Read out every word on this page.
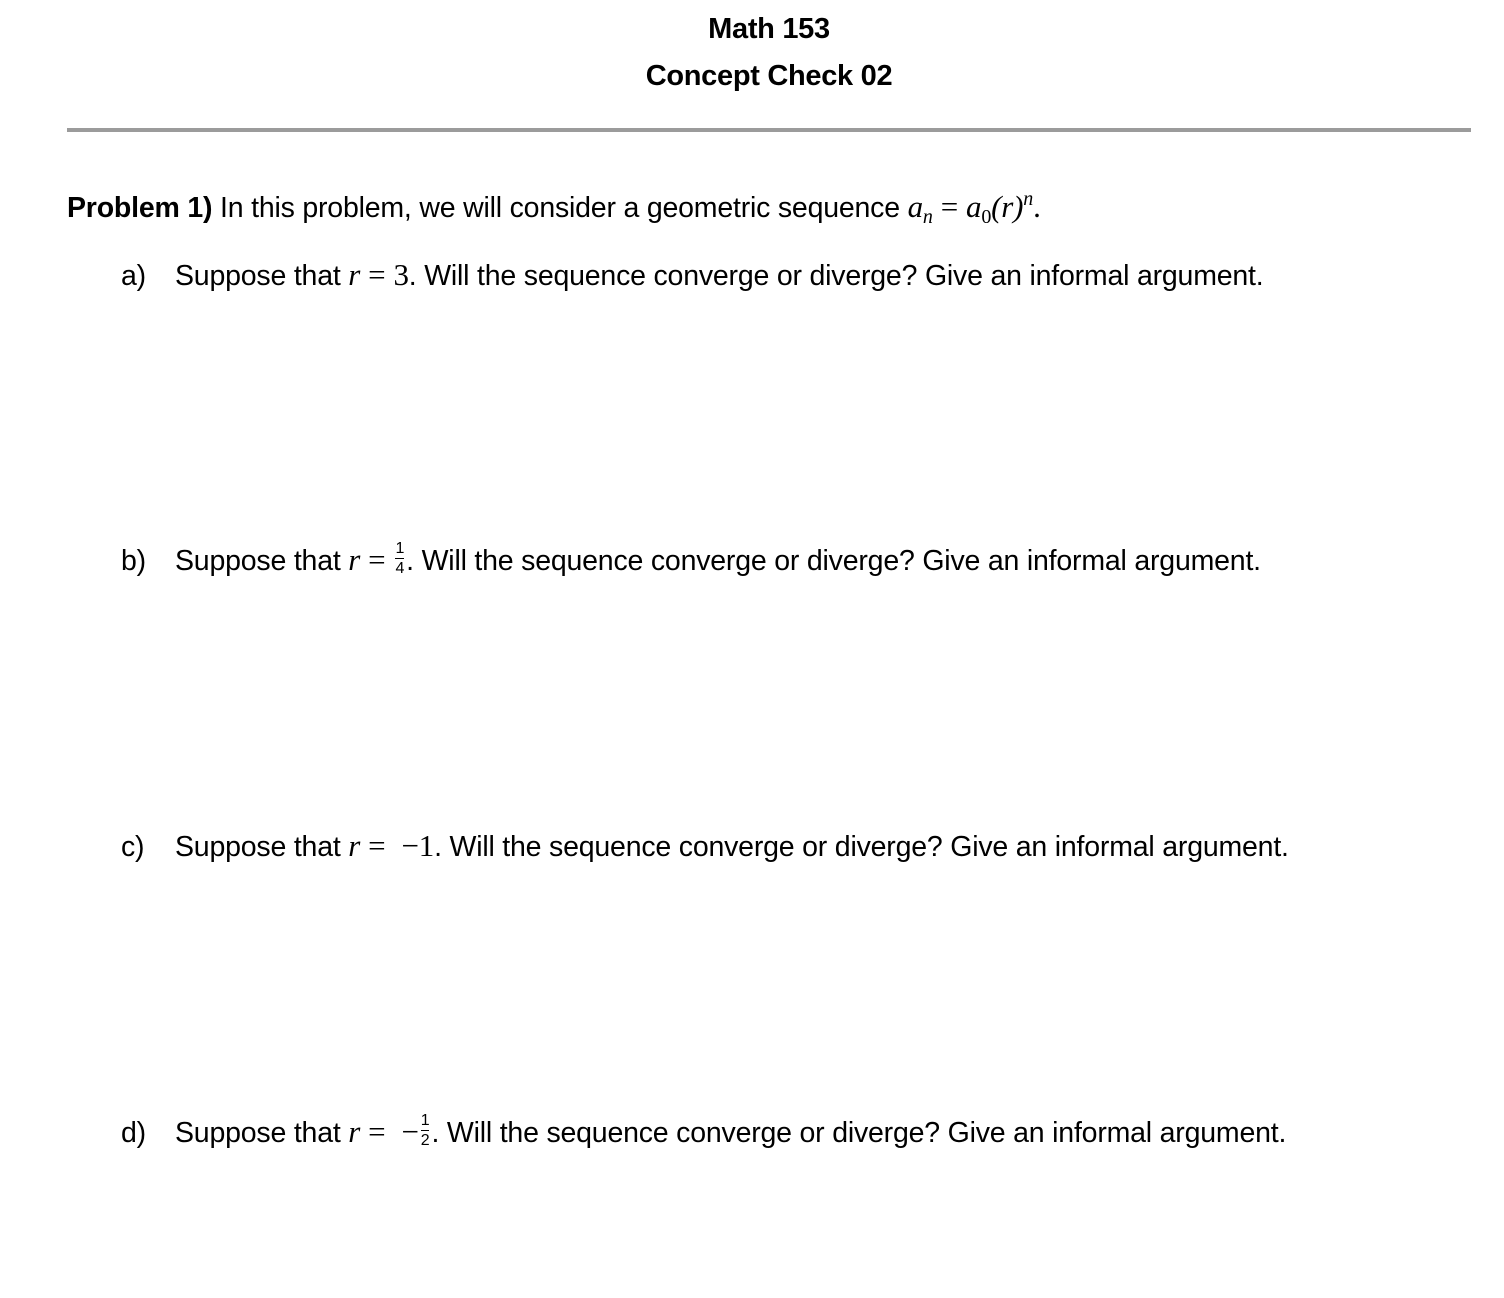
Math 153
Concept Check 02
Problem 1) In this problem, we will consider a geometric sequence $a_n = a0(r)^n$.
a) Suppose that r = 3. Will the sequence converge or diverge? Give an informal argument.
b) Suppose that $r = \frac{1}{4}$ . Will the sequence converge or diverge? Give an informal argument.
c) Suppose that r = −1. Will the sequence converge or diverge? Give an informal argument.
d) Suppose that r = − $\frac{1}{2}$ . Will the sequence converge or diverge? Give an informal argument.
